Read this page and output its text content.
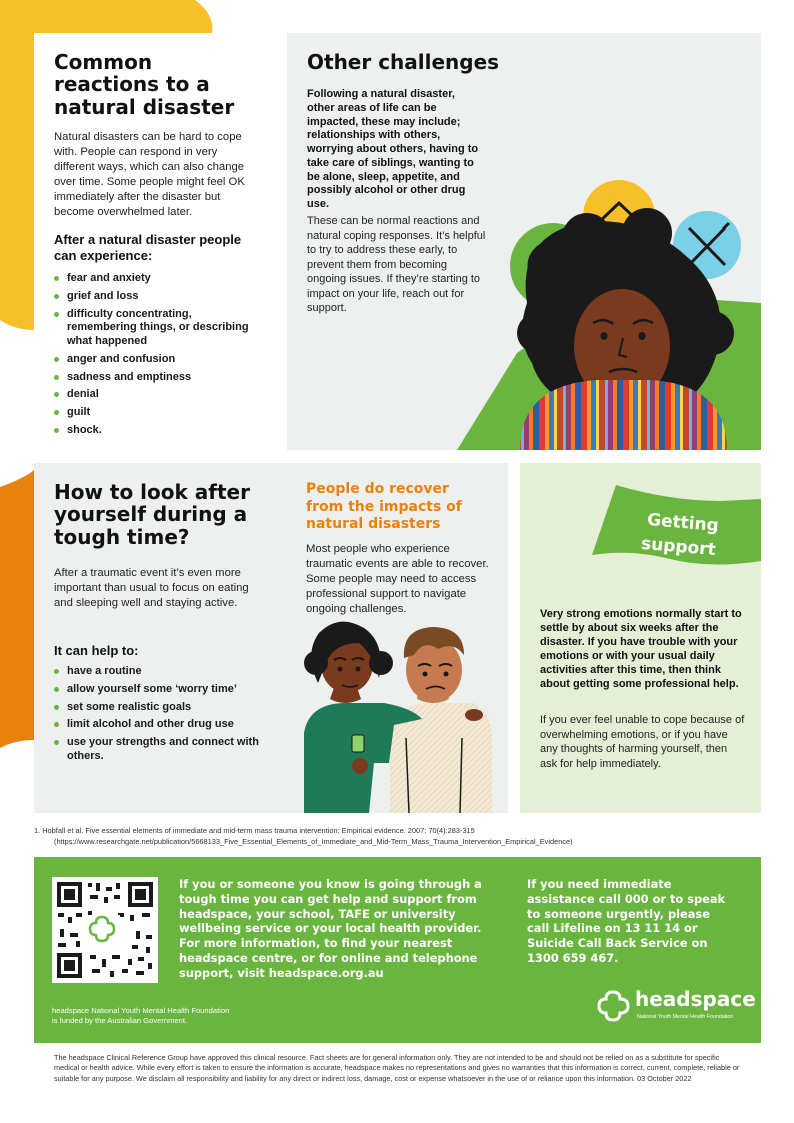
Common reactions to a natural disaster

Natural disasters can be hard to cope with. People can respond in very different ways, which can also change over time. Some people might feel OK immediately after the disaster but become overwhelmed later.

After a natural disaster people can experience:

fear and anxiety
grief and loss
difficulty concentrating, remembering things, or describing what happened
anger and confusion
sadness and emptiness
denial
guilt
shock.
Other challenges

Following a natural disaster, other areas of life can be impacted, these may include; relationships with others, worrying about others, having to take care of siblings, wanting to be alone, sleep, appetite, and possibly alcohol or other drug use.

These can be normal reactions and natural coping responses. It’s helpful to try to address these early, to prevent them from becoming ongoing issues. If they’re starting to impact on your life, reach out for support.

How to look after yourself during a tough time?

After a traumatic event it’s even more important than usual to focus on eating and sleeping well and staying active.

It can help to:

have a routine
allow yourself some ‘worry time’
set some realistic goals
limit alcohol and other drug use
use your strengths and connect with others.
People do recover from the impacts of natural disasters

Most people who experience traumatic events are able to recover. Some people may need to access professional support to navigate ongoing challenges.

Getting

support

Very strong emotions normally start to settle by about six weeks after the disaster. If you have trouble with your emotions or with your usual daily activities after this time, then think about getting some professional help.

If you ever feel unable to cope because of overwhelming emotions, or if you have any thoughts of harming yourself, then ask for help immediately.

1. Hobfall et al. Five essential elements of immediate and mid-term mass trauma intervention: Empirical evidence. 2007; 70(4):283-315
(https://www.researchgate.net/publication/5668133_Five_Essential_Elements_of_Immediate_and_Mid-Term_Mass_Trauma_Intervention_Empirical_Evidence)

If you or someone you know is going through a tough time you can get help and support from headspace, your school, TAFE or university wellbeing service or your local health provider. For more information, to find your nearest headspace centre, or for online and telephone support, visit headspace.org.au

If you need immediate assistance call 000 or to speak to someone urgently, please call Lifeline on 13 11 14 or Suicide Call Back Service on 1300 659 467.

headspace National Youth Mental Health Foundation

is funded by the Australian Government.

headspace
National Youth Mental Health Foundation

The headspace Clinical Reference Group have approved this clinical resource. Fact sheets are for general information only. They are not intended to be and should not be relied on as a substitute for specific medical or health advice. While every effort is taken to ensure the information is accurate, headspace makes no representations and gives no warranties that this information is correct, current, complete, reliable or suitable for any purpose. We disclaim all responsibility and liability for any direct or indirect loss, damage, cost or expense whatsoever in the use of or reliance upon this information. 03 October 2022
